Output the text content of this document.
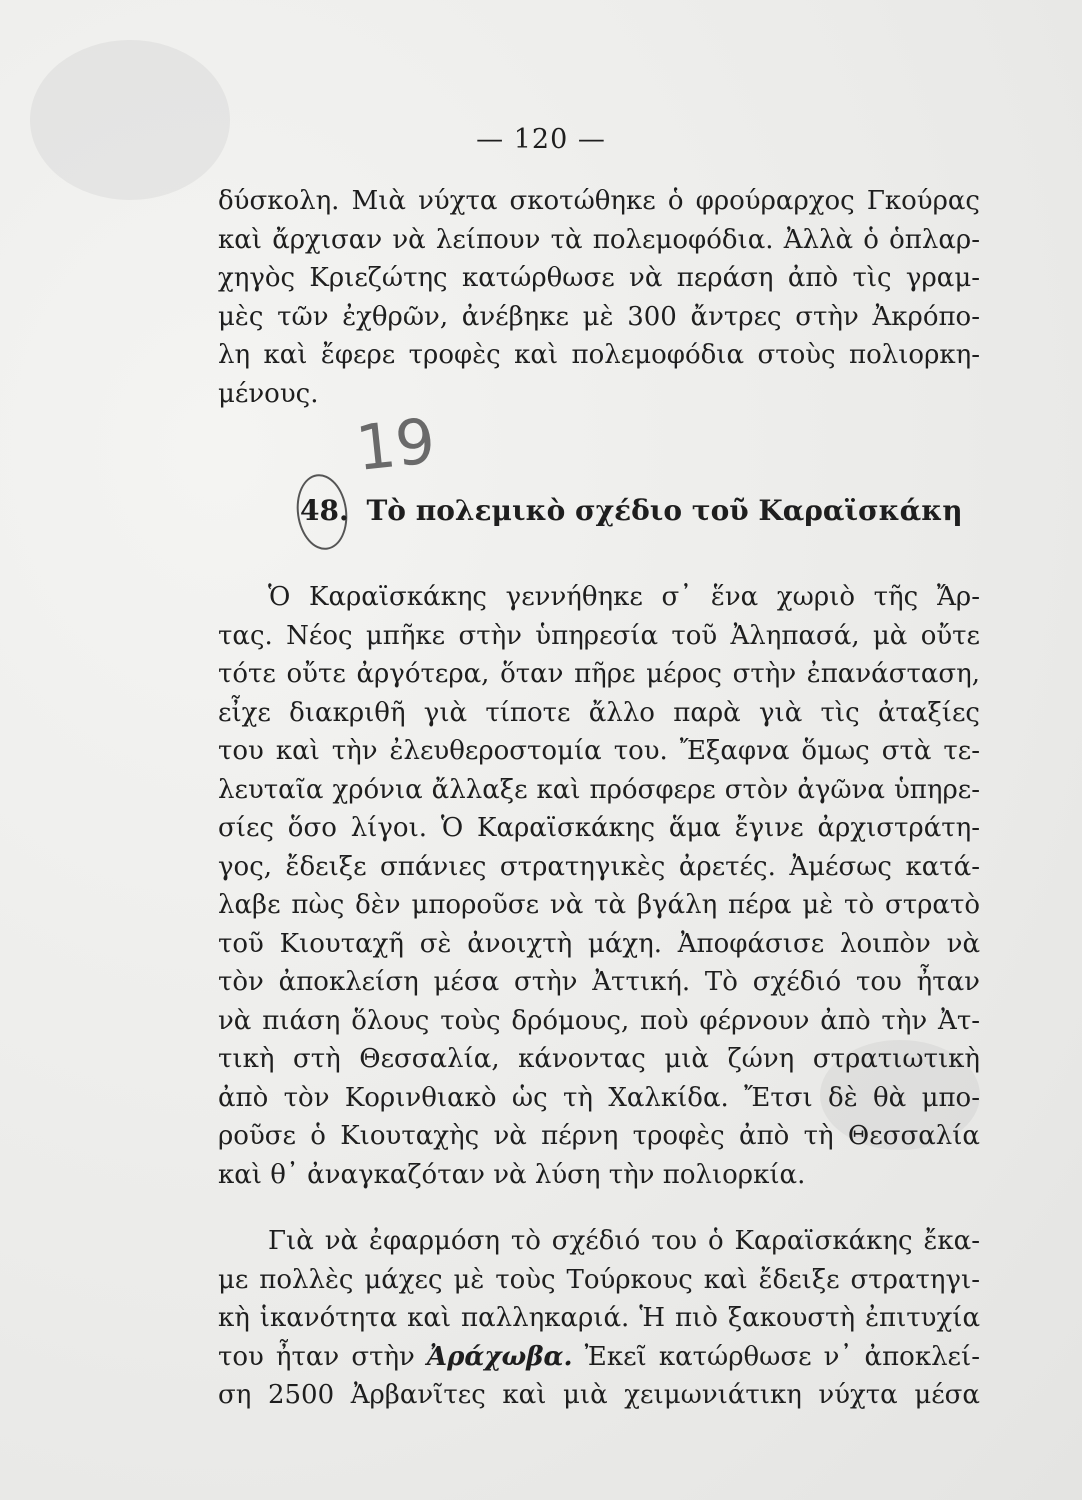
— 120 —
δύσκολη. Μιὰ νύχτα σκοτώθηκε ὁ φρούραρχος Γκούρας
καὶ ἄρχισαν νὰ λείπουν τὰ πολεμοφόδια. Ἀλλὰ ὁ ὁπλαρ-
χηγὸς Κριεζώτης κατώρθωσε νὰ περάση ἀπὸ τὶς γραμ-
μὲς τῶν ἐχθρῶν, ἀνέβηκε μὲ 300 ἄντρες στὴν Ἀκρόπο-
λη καὶ ἔφερε τροφὲς καὶ πολεμοφόδια στοὺς πολιορκη-
μένους.
19
48. Τὸ πολεμικὸ σχέδιο τοῦ Καραϊσκάκη
Ὁ Καραϊσκάκης γεννήθηκε σ᾿ ἕνα χωριὸ τῆς Ἄρ-
τας. Νέος μπῆκε στὴν ὑπηρεσία τοῦ Ἀληπασά, μὰ οὔτε
τότε οὔτε ἀργότερα, ὅταν πῆρε μέρος στὴν ἐπανάσταση,
εἶχε διακριθῆ γιὰ τίποτε ἄλλο παρὰ γιὰ τὶς ἀταξίες
του καὶ τὴν ἐλευθεροστομία του. Ἔξαφνα ὅμως στὰ τε-
λευταῖα χρόνια ἄλλαξε καὶ πρόσφερε στὸν ἀγῶνα ὑπηρε-
σίες ὅσο λίγοι. Ὁ Καραϊσκάκης ἅμα ἔγινε ἀρχιστράτη-
γος, ἔδειξε σπάνιες στρατηγικὲς ἀρετές. Ἀμέσως κατά-
λαβε πὼς δὲν μποροῦσε νὰ τὰ βγάλη πέρα μὲ τὸ στρατὸ
τοῦ Κιουταχῆ σὲ ἀνοιχτὴ μάχη. Ἀποφάσισε λοιπὸν νὰ
τὸν ἀποκλείση μέσα στὴν Ἀττική. Τὸ σχέδιό του ἦταν
νὰ πιάση ὅλους τοὺς δρόμους, ποὺ φέρνουν ἀπὸ τὴν Ἀτ-
τικὴ στὴ Θεσσαλία, κάνοντας μιὰ ζώνη στρατιωτικὴ
ἀπὸ τὸν Κορινθιακὸ ὡς τὴ Χαλκίδα. Ἔτσι δὲ θὰ μπο-
ροῦσε ὁ Κιουταχὴς νὰ πέρνη τροφὲς ἀπὸ τὴ Θεσσαλία
καὶ θ᾿ ἀναγκαζόταν νὰ λύση τὴν πολιορκία.
Γιὰ νὰ ἐφαρμόση τὸ σχέδιό του ὁ Καραϊσκάκης ἔκα-
με πολλὲς μάχες μὲ τοὺς Τούρκους καὶ ἔδειξε στρατηγι-
κὴ ἱκανότητα καὶ παλληκαριά. Ἡ πιὸ ξακουστὴ ἐπιτυχία
του ἦταν στὴν Ἀράχωβα. Ἐκεῖ κατώρθωσε ν᾿ ἀποκλεί-
ση 2500 Ἀρβανῖτες καὶ μιὰ χειμωνιάτικη νύχτα μέσα
